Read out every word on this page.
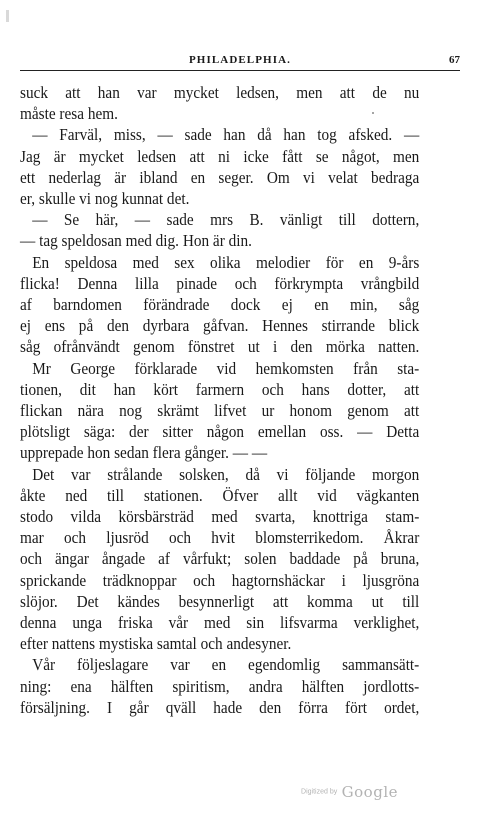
PHILADELPHIA.	67
suck att han var mycket ledsen, men att de nu
måste resa hem.
— Farväl, miss, — sade han då han tog afsked. —
Jag är mycket ledsen att ni icke fått se något, men
ett nederlag är ibland en seger. Om vi velat bedraga
er, skulle vi nog kunnat det.
— Se här, — sade mrs B. vänligt till dottern,
— tag speldosan med dig. Hon är din.
En speldosa med sex olika melodier för en 9-års
flicka! Denna lilla pinade och förkrympta vrångbild
af barndomen förändrade dock ej en min, såg
ej ens på den dyrbara gåfvan. Hennes stirrande blick
såg ofrånvändt genom fönstret ut i den mörka natten.
Mr George förklarade vid hemkomsten från sta-
tionen, dit han kört farmern och hans dotter, att
flickan nära nog skrämt lifvet ur honom genom att
plötsligt säga: der sitter någon emellan oss. — Detta
upprepade hon sedan flera gånger. — —
Det var strålande solsken, då vi följande morgon
åkte ned till stationen. Öfver allt vid vägkanten
stodo vilda körsbärsträd med svarta, knottriga stam-
mar och ljusröd och hvit blomsterrikedom. Åkrar
och ängar ångade af vårfukt; solen baddade på bruna,
sprickande trädknoppar och hagtornshäckar i ljusgröna
slöjor. Det kändes besynnerligt att komma ut till
denna unga friska vår med sin lifsvarma verklighet,
efter nattens mystiska samtal och andesyner.
Vår följeslagare var en egendomlig sammansätt-
ning: ena hälften spiritism, andra hälften jordlotts-
försäljning. I går qväll hade den förra fört ordet,
Digitized by Google
